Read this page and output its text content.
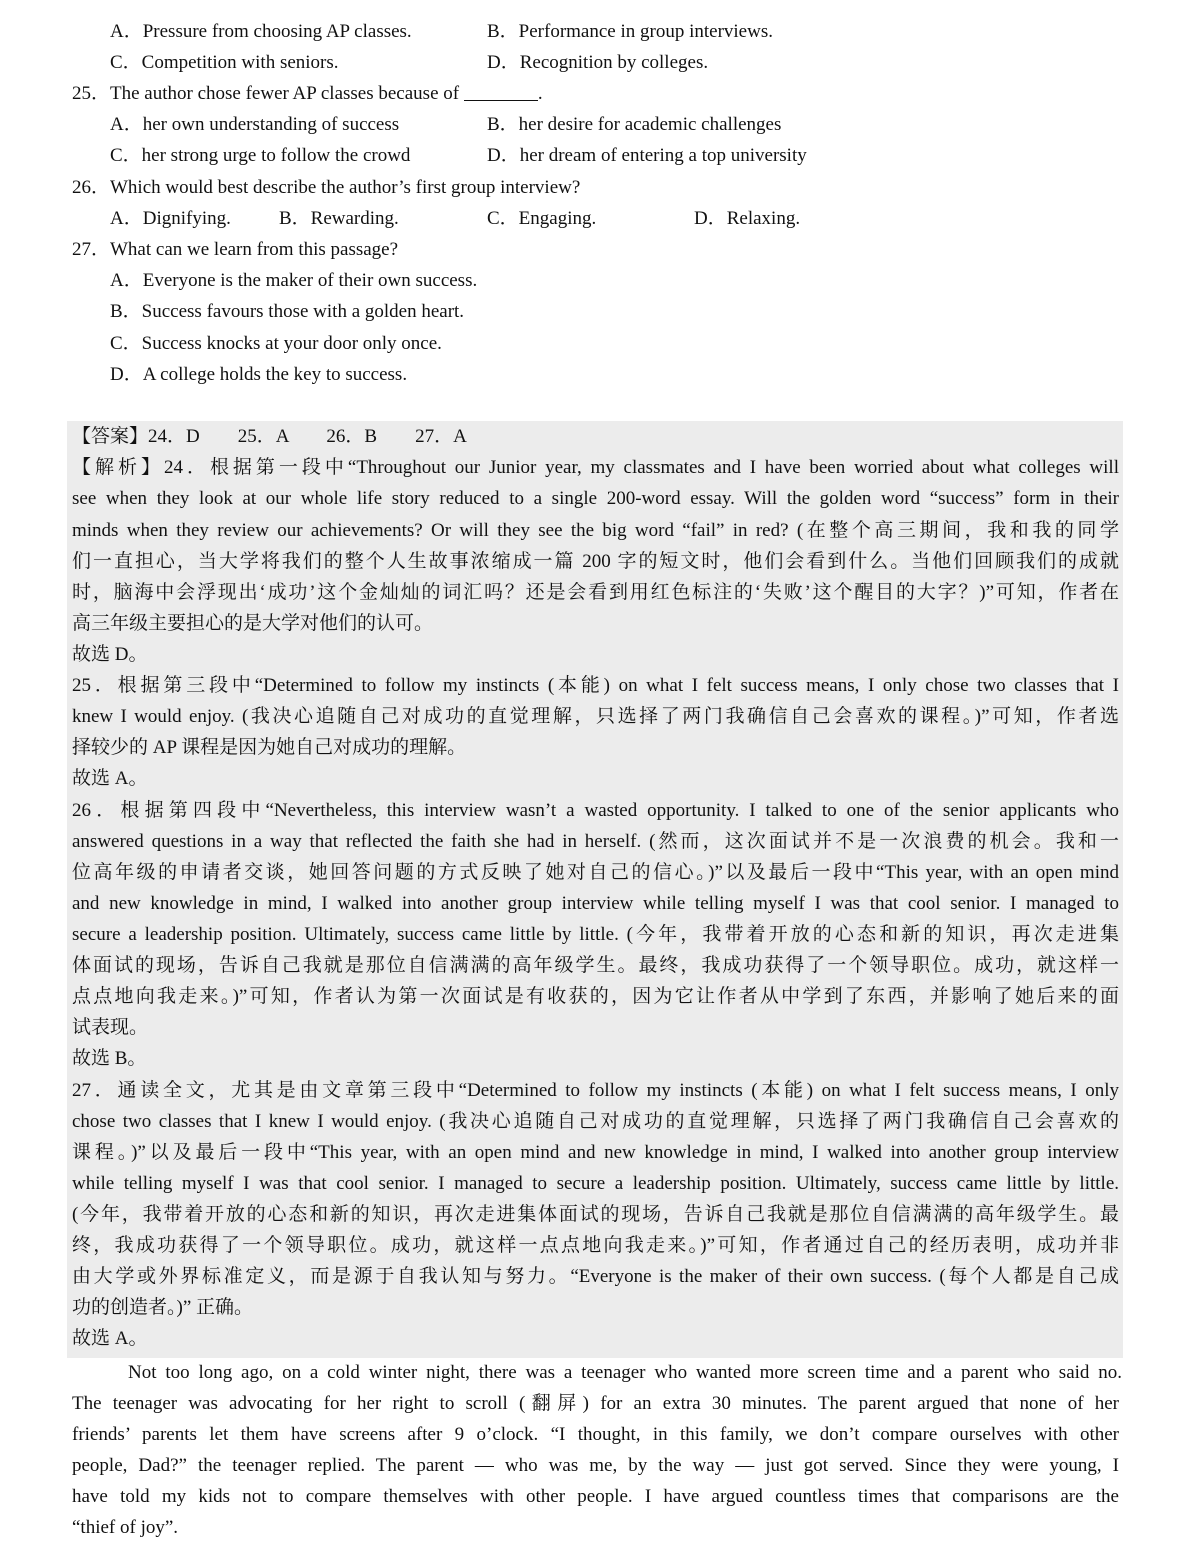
A．Pressure from choosing AP classes.	B．Performance in group interviews.
C．Competition with seniors.	D．Recognition by colleges.
25．The author chose fewer AP classes because of	.
A．her own understanding of success	B．her desire for academic challenges
C．her strong urge to follow the crowd	D．her dream of entering a top university
26．Which would best describe the author’s first group interview?
A．Dignifying.	B．Rewarding.	C．Engaging.	D．Relaxing.
27．What can we learn from this passage?
A．Everyone is the maker of their own success.
B．Success favours those with a golden heart.
C．Success knocks at your door only once.
D．A college holds the key to success.
【答案】24．D　　25．A　　26．B　　27．A
【解析】24．根据第一段中“Throughout our Junior year, my classmates and I have been worried about what colleges will
see when they look at our whole life story reduced to a single 200-word essay. Will the golden word “success” form in their
minds when they review our achievements? Or will they see the big word “fail” in red? (在整个高三期间，我和我的同学
们一直担心，当大学将我们的整个人生故事浓缩成一篇 200 字的短文时，他们会看到什么。当他们回顾我们的成就
时，脑海中会浮现出‘成功’这个金灿灿的词汇吗？还是会看到用红色标注的‘失败’这个醒目的大字？)”可知，作者在
高三年级主要担心的是大学对他们的认可。
故选 D。
25．根据第三段中“Determined to follow my instincts (本能) on what I felt success means, I only chose two classes that I
knew I would enjoy. (我决心追随自己对成功的直觉理解，只选择了两门我确信自己会喜欢的课程。)”可知，作者选
择较少的 AP 课程是因为她自己对成功的理解。
故选 A。
26．根据第四段中“Nevertheless, this interview wasn’t a wasted opportunity. I talked to one of the senior applicants who
answered questions in a way that reflected the faith she had in herself. (然而，这次面试并不是一次浪费的机会。我和一
位高年级的申请者交谈，她回答问题的方式反映了她对自己的信心。)”以及最后一段中“This year, with an open mind
and new knowledge in mind, I walked into another group interview while telling myself I was that cool senior. I managed to
secure a leadership position. Ultimately, success came little by little. (今年，我带着开放的心态和新的知识，再次走进集
体面试的现场，告诉自己我就是那位自信满满的高年级学生。最终，我成功获得了一个领导职位。成功，就这样一
点点地向我走来。)”可知，作者认为第一次面试是有收获的，因为它让作者从中学到了东西，并影响了她后来的面
试表现。
故选 B。
27．通读全文，尤其是由文章第三段中“Determined to follow my instincts (本能) on what I felt success means, I only
chose two classes that I knew I would enjoy. (我决心追随自己对成功的直觉理解，只选择了两门我确信自己会喜欢的
课程。)”以及最后一段中“This year, with an open mind and new knowledge in mind, I walked into another group interview
while telling myself I was that cool senior. I managed to secure a leadership position. Ultimately, success came little by little.
(今年，我带着开放的心态和新的知识，再次走进集体面试的现场，告诉自己我就是那位自信满满的高年级学生。最
终，我成功获得了一个领导职位。成功，就这样一点点地向我走来。)”可知，作者通过自己的经历表明，成功并非
由大学或外界标准定义，而是源于自我认知与努力。“Everyone is the maker of their own success. (每个人都是自己成
功的创造者。)” 正确。
故选 A。
Not too long ago, on a cold winter night, there was a teenager who wanted more screen time and a parent who said no.
The teenager was advocating for her right to scroll (翻屏) for an extra 30 minutes. The parent argued that none of her
friends’ parents let them have screens after 9 o’clock. “I thought, in this family, we don’t compare ourselves with other
people, Dad?” the teenager replied. The parent — who was me, by the way — just got served. Since they were young, I
have told my kids not to compare themselves with other people. I have argued countless times that comparisons are the
“thief of joy”.
